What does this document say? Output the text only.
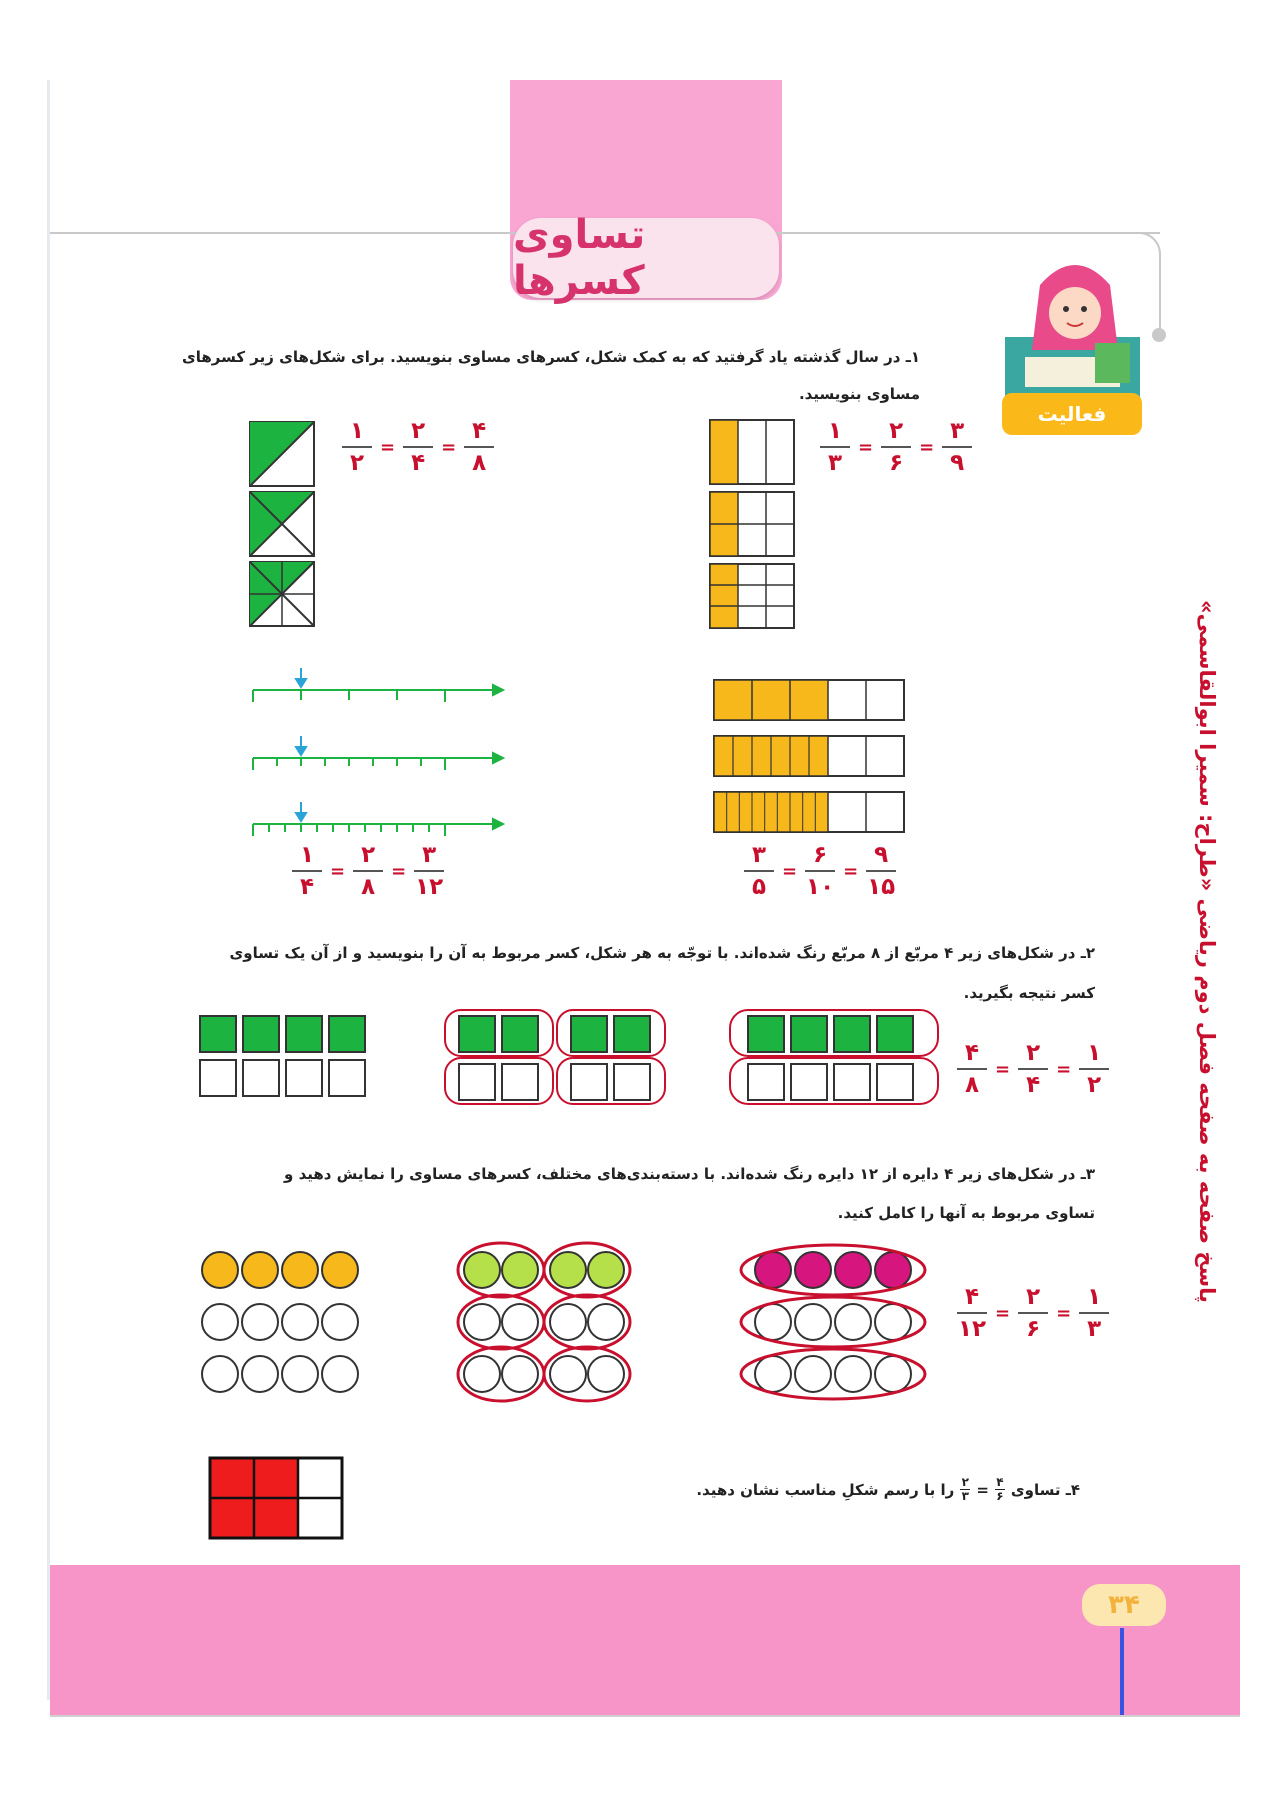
تساوی کسرها
فعالیت
پاسخ صفحه به صفحه فصل دوم ریاضی «طراح: سمیرا ابوالقاسمی»
۱ـ در سال گذشته یاد گرفتید که به کمک شکل، کسرهای مساوی بنویسید. برای شکل‌های زیر کسرهای
مساوی بنویسید.
۱
۲
=
۲
۴
=
۴
۸
۱
۳
=
۲
۶
=
۳
۹
۱
۴
=
۲
۸
=
۳
۱۲
۳
۵
=
۶
۱۰
=
۹
۱۵
۲ـ در شکل‌های زیر ۴ مربّع از ۸ مربّع رنگ شده‌اند. با توجّه به هر شکل، کسر مربوط به آن را بنویسید و از آن یک تساوی
کسر نتیجه بگیرید.
۴
۸
=
۲
۴
=
۱
۲
۳ـ در شکل‌های زیر ۴ دایره از ۱۲ دایره رنگ شده‌اند. با دسته‌بندی‌های مختلف، کسرهای مساوی را نمایش دهید و
تساوی مربوط به آنها را کامل کنید.
۴
۱۲
=
۲
۶
=
۱
۳
۴ـ تساوی
۴
۶
=
۲
۳
را با رسم شکلِ مناسب نشان دهید.
۳۴
